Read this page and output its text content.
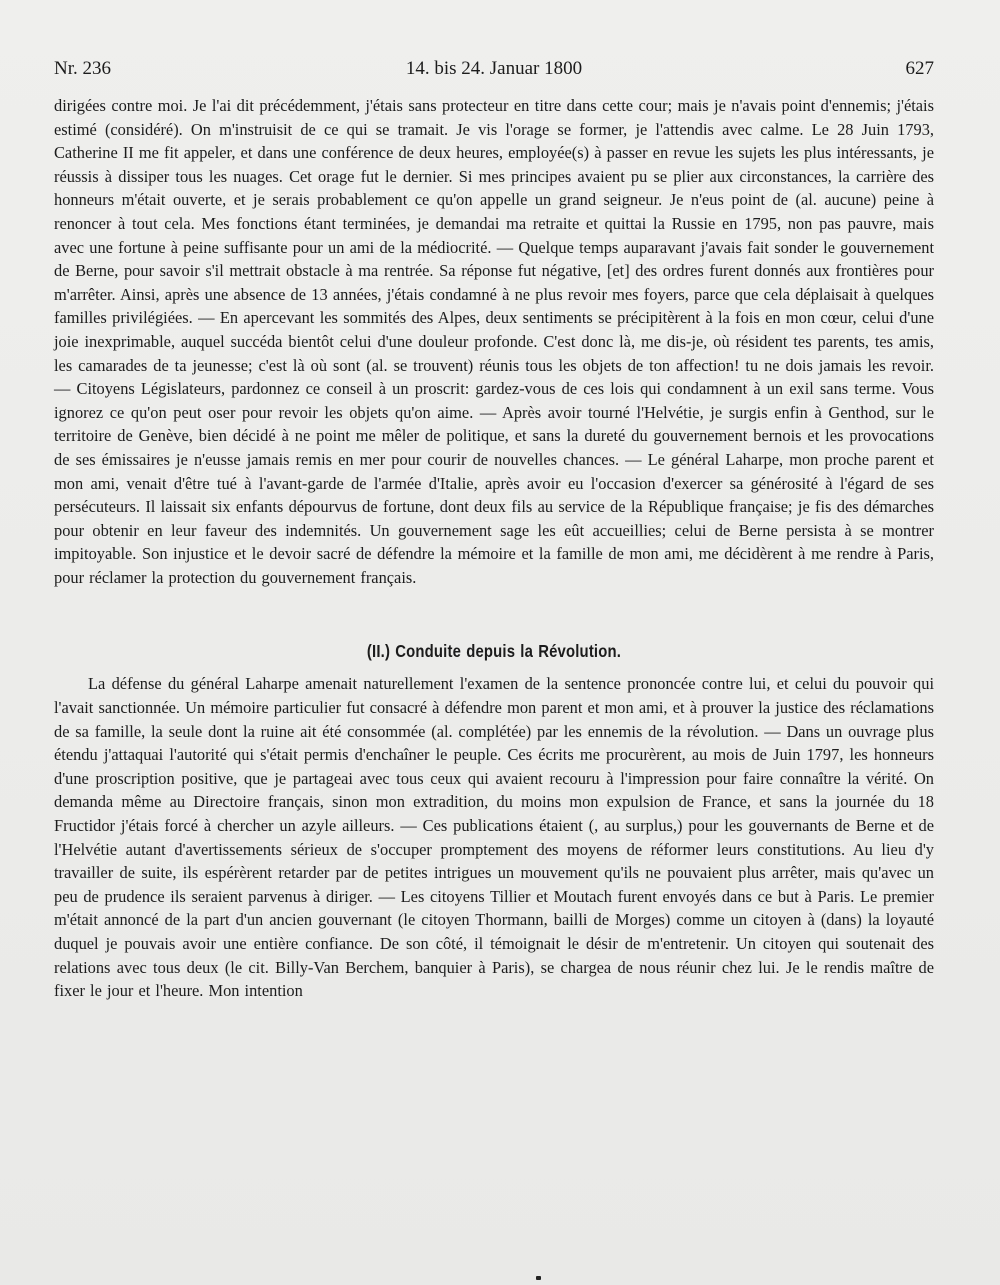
14. bis 24. Januar 1800
Nr. 236	627

dirigées contre moi. Je l'ai dit précédemment, j'étais sans protecteur en titre dans cette cour; mais je n'avais point d'ennemis; j'étais estimé (considéré). On m'instruisit de ce qui se tramait. Je vis l'orage se former, je l'attendis avec calme. Le 28 Juin 1793, Catherine II me fit appeler, et dans une conférence de deux heures, employée(s) à passer en revue les sujets les plus intéressants, je réussis à dissiper tous les nuages. Cet orage fut le dernier. Si mes principes avaient pu se plier aux circonstances, la carrière des honneurs m'était ouverte, et je serais probablement ce qu'on appelle un grand seigneur. Je n'eus point de (al. aucune) peine à renoncer à tout cela. Mes fonctions étant terminées, je demandai ma retraite et quittai la Russie en 1795, non pas pauvre, mais avec une fortune à peine suffisante pour un ami de la médiocrité. — Quelque temps auparavant j'avais fait sonder le gouvernement de Berne, pour savoir s'il mettrait obstacle à ma rentrée. Sa réponse fut négative, [et] des ordres furent donnés aux frontières pour m'arrêter. Ainsi, après une absence de 13 années, j'étais condamné à ne plus revoir mes foyers, parce que cela déplaisait à quelques familles privilégiées. — En apercevant les sommités des Alpes, deux sentiments se précipitèrent à la fois en mon cœur, celui d'une joie inexprimable, auquel succéda bientôt celui d'une douleur profonde. C'est donc là, me dis-je, où résident tes parents, tes amis, les camarades de ta jeunesse; c'est là où sont (al. se trouvent) réunis tous les objets de ton affection! tu ne dois jamais les revoir. — Citoyens Législateurs, pardonnez ce conseil à un proscrit: gardez-vous de ces lois qui condamnent à un exil sans terme. Vous ignorez ce qu'on peut oser pour revoir les objets qu'on aime. — Après avoir tourné l'Helvétie, je surgis enfin à Genthod, sur le territoire de Genève, bien décidé à ne point me mêler de politique, et sans la dureté du gouvernement bernois et les provocations de ses émissaires je n'eusse jamais remis en mer pour courir de nouvelles chances. — Le général Laharpe, mon proche parent et mon ami, venait d'être tué à l'avant-garde de l'armée d'Italie, après avoir eu l'occasion d'exercer sa générosité à l'égard de ses persécuteurs. Il laissait six enfants dépourvus de fortune, dont deux fils au service de la République française; je fis des démarches pour obtenir en leur faveur des indemnités. Un gouvernement sage les eût accueillies; celui de Berne persista à se montrer impitoyable. Son injustice et le devoir sacré de défendre la mémoire et la famille de mon ami, me décidèrent à me rendre à Paris, pour réclamer la protection du gouvernement français.

(II.) Conduite depuis la Révolution.

La défense du général Laharpe amenait naturellement l'examen de la sentence prononcée contre lui, et celui du pouvoir qui l'avait sanctionnée. Un mémoire particulier fut consacré à défendre mon parent et mon ami, et à prouver la justice des réclamations de sa famille, la seule dont la ruine ait été consommée (al. complétée) par les ennemis de la révolution. — Dans un ouvrage plus étendu j'attaquai l'autorité qui s'était permis d'enchaîner le peuple. Ces écrits me procurèrent, au mois de Juin 1797, les honneurs d'une proscription positive, que je partageai avec tous ceux qui avaient recouru à l'impression pour faire connaître la vérité. On demanda même au Directoire français, sinon mon extradition, du moins mon expulsion de France, et sans la journée du 18 Fructidor j'étais forcé à chercher un azyle ailleurs. — Ces publications étaient (, au surplus,) pour les gouvernants de Berne et de l'Helvétie autant d'avertissements sérieux de s'occuper promptement des moyens de réformer leurs constitutions. Au lieu d'y travailler de suite, ils espérèrent retarder par de petites intrigues un mouvement qu'ils ne pouvaient plus arrêter, mais qu'avec un peu de prudence ils seraient parvenus à diriger. — Les citoyens Tillier et Moutach furent envoyés dans ce but à Paris. Le premier m'était annoncé de la part d'un ancien gouvernant (le citoyen Thormann, bailli de Morges) comme un citoyen à (dans) la loyauté duquel je pouvais avoir une entière confiance. De son côté, il témoignait le désir de m'entretenir. Un citoyen qui soutenait des relations avec tous deux (le cit. Billy-Van Berchem, banquier à Paris), se chargea de nous réunir chez lui. Je le rendis maître de fixer le jour et l'heure. Mon intention
